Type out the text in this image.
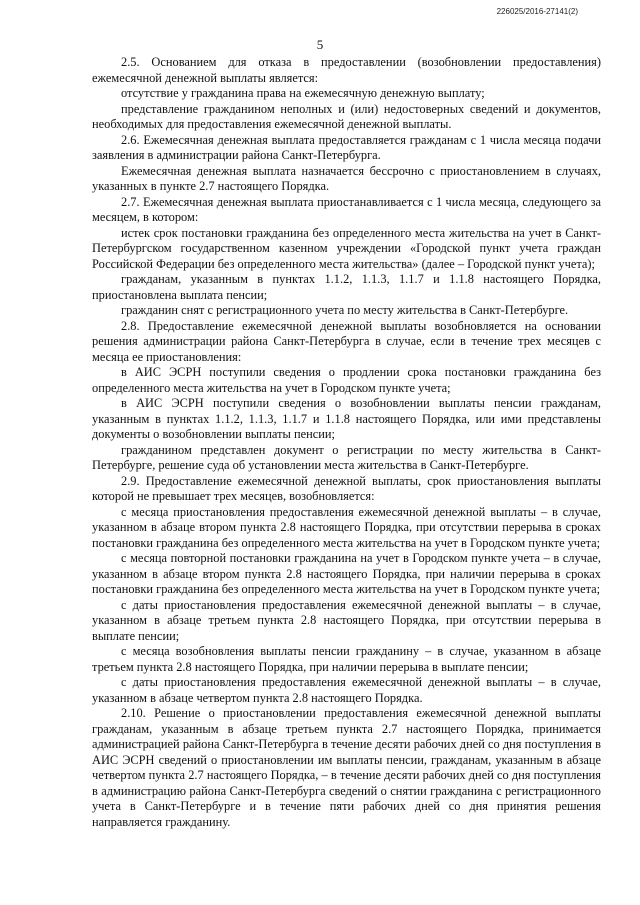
226025/2016-27141(2)
5

2.5. Основанием для отказа в предоставлении (возобновлении предоставления) ежемесячной денежной выплаты является:

отсутствие у гражданина права на ежемесячную денежную выплату;

представление гражданином неполных и (или) недостоверных сведений и документов, необходимых для предоставления ежемесячной денежной выплаты.

2.6. Ежемесячная денежная выплата предоставляется гражданам с 1 числа месяца подачи заявления в администрации района Санкт-Петербурга.

Ежемесячная денежная выплата назначается бессрочно с приостановлением в случаях, указанных в пункте 2.7 настоящего Порядка.

2.7. Ежемесячная денежная выплата приостанавливается с 1 числа месяца, следующего за месяцем, в котором:

истек срок постановки гражданина без определенного места жительства на учет в Санкт-Петербургском государственном казенном учреждении «Городской пункт учета граждан Российской Федерации без определенного места жительства» (далее – Городской пункт учета);

гражданам, указанным в пунктах 1.1.2, 1.1.3, 1.1.7 и 1.1.8 настоящего Порядка, приостановлена выплата пенсии;

гражданин снят с регистрационного учета по месту жительства в Санкт-Петербурге.

2.8. Предоставление ежемесячной денежной выплаты возобновляется на основании решения администрации района Санкт-Петербурга в случае, если в течение трех месяцев с месяца ее приостановления:

в АИС ЭСРН поступили сведения о продлении срока постановки гражданина без определенного места жительства на учет в Городском пункте учета;

в АИС ЭСРН поступили сведения о возобновлении выплаты пенсии гражданам, указанным в пунктах 1.1.2, 1.1.3, 1.1.7 и 1.1.8 настоящего Порядка, или ими представлены документы о возобновлении выплаты пенсии;

гражданином представлен документ о регистрации по месту жительства в Санкт-Петербурге, решение суда об установлении места жительства в Санкт-Петербурге.

2.9. Предоставление ежемесячной денежной выплаты, срок приостановления выплаты которой не превышает трех месяцев, возобновляется:

с месяца приостановления предоставления ежемесячной денежной выплаты – в случае, указанном в абзаце втором пункта 2.8 настоящего Порядка, при отсутствии перерыва в сроках постановки гражданина без определенного места жительства на учет в Городском пункте учета;

с месяца повторной постановки гражданина на учет в Городском пункте учета – в случае, указанном в абзаце втором пункта 2.8 настоящего Порядка, при наличии перерыва в сроках постановки гражданина без определенного места жительства на учет в Городском пункте учета;

с даты приостановления предоставления ежемесячной денежной выплаты – в случае, указанном в абзаце третьем пункта 2.8 настоящего Порядка, при отсутствии перерыва в выплате пенсии;

с месяца возобновления выплаты пенсии гражданину – в случае, указанном в абзаце третьем пункта 2.8 настоящего Порядка, при наличии перерыва в выплате пенсии;

с даты приостановления предоставления ежемесячной денежной выплаты – в случае, указанном в абзаце четвертом пункта 2.8 настоящего Порядка.

2.10. Решение о приостановлении предоставления ежемесячной денежной выплаты гражданам, указанным в абзаце третьем пункта 2.7 настоящего Порядка, принимается администрацией района Санкт-Петербурга в течение десяти рабочих дней со дня поступления в АИС ЭСРН сведений о приостановлении им выплаты пенсии, гражданам, указанным в абзаце четвертом пункта 2.7 настоящего Порядка, – в течение десяти рабочих дней со дня поступления в администрацию района Санкт-Петербурга сведений о снятии гражданина с регистрационного учета в Санкт-Петербурге и в течение пяти рабочих дней со дня принятия решения направляется гражданину.
